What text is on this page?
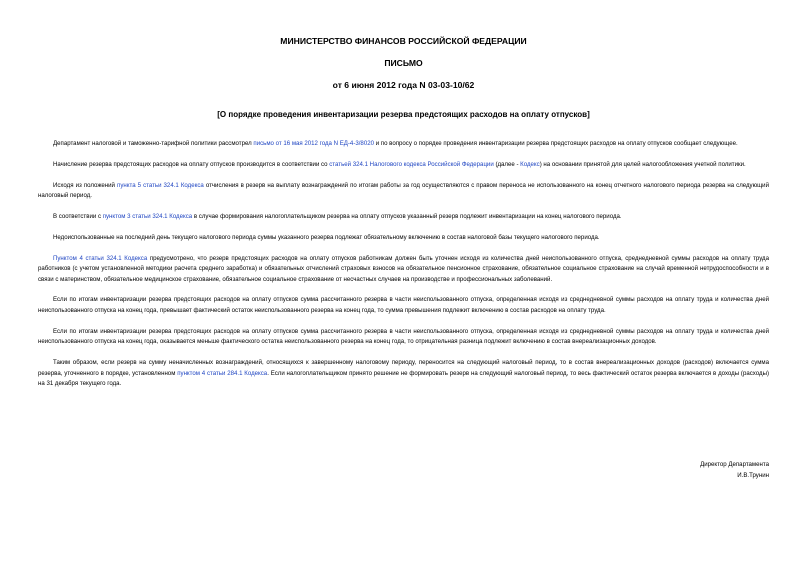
МИНИСТЕРСТВО ФИНАНСОВ РОССИЙСКОЙ ФЕДЕРАЦИИ
ПИСЬМО
от 6 июня 2012 года N 03-03-10/62
[О порядке проведения инвентаризации резерва предстоящих расходов на оплату отпусков]

Департамент налоговой и таможенно-тарифной политики рассмотрел письмо от 16 мая 2012 года N ЕД-4-3/8020 и по вопросу о порядке проведения инвентаризации резерва предстоящих расходов на оплату отпусков сообщает следующее.

Начисление резерва предстоящих расходов на оплату отпусков производится в соответствии со статьей 324.1 Налогового кодекса Российской Федерации (далее - Кодекс) на основании принятой для целей налогообложения учетной политики.

Исходя из положений пункта 5 статьи 324.1 Кодекса отчисления в резерв на выплату вознаграждений по итогам работы за год осуществляются с правом переноса не использованного на конец отчетного налогового периода резерва на следующий налоговый период.

В соответствии с пунктом 3 статьи 324.1 Кодекса в случае формирования налогоплательщиком резерва на оплату отпусков указанный резерв подлежит инвентаризации на конец налогового периода.

Недоиспользованные на последний день текущего налогового периода суммы указанного резерва подлежат обязательному включению в состав налоговой базы текущего налогового периода.

Пунктом 4 статьи 324.1 Кодекса предусмотрено, что резерв предстоящих расходов на оплату отпусков работникам должен быть уточнен исходя из количества дней неиспользованного отпуска, среднедневной суммы расходов на оплату труда работников (с учетом установленной методики расчета среднего заработка) и обязательных отчислений страховых взносов на обязательное пенсионное страхование, обязательное социальное страхование на случай временной нетрудоспособности и в связи с материнством, обязательное медицинское страхование, обязательное социальное страхование от несчастных случаев на производстве и профессиональных заболеваний.

Если по итогам инвентаризации резерва предстоящих расходов на оплату отпусков сумма рассчитанного резерва в части неиспользованного отпуска, определенная исходя из среднедневной суммы расходов на оплату труда и количества дней неиспользованного отпуска на конец года, превышает фактический остаток неиспользованного резерва на конец года, то сумма превышения подлежит включению в состав расходов на оплату труда.

Если по итогам инвентаризации резерва предстоящих расходов на оплату отпусков сумма рассчитанного резерва в части неиспользованного отпуска, определенная исходя из среднедневной суммы расходов на оплату труда и количества дней неиспользованного отпуска на конец года, оказывается меньше фактического остатка неиспользованного резерва на конец года, то отрицательная разница подлежит включению в состав внереализационных доходов.

Таким образом, если резерв на сумму неначисленных вознаграждений, относящихся к завершенному налоговому периоду, переносится на следующий налоговый период, то в состав внереализационных доходов (расходов) включается сумма резерва, уточненного в порядке, установленном пунктом 4 статьи 284.1 Кодекса. Если налогоплательщиком принято решение не формировать резерв на следующий налоговый период, то весь фактический остаток резерва включается в доходы (расходы) на 31 декабря текущего года.

Директор Департамента
И.В.Трунин
